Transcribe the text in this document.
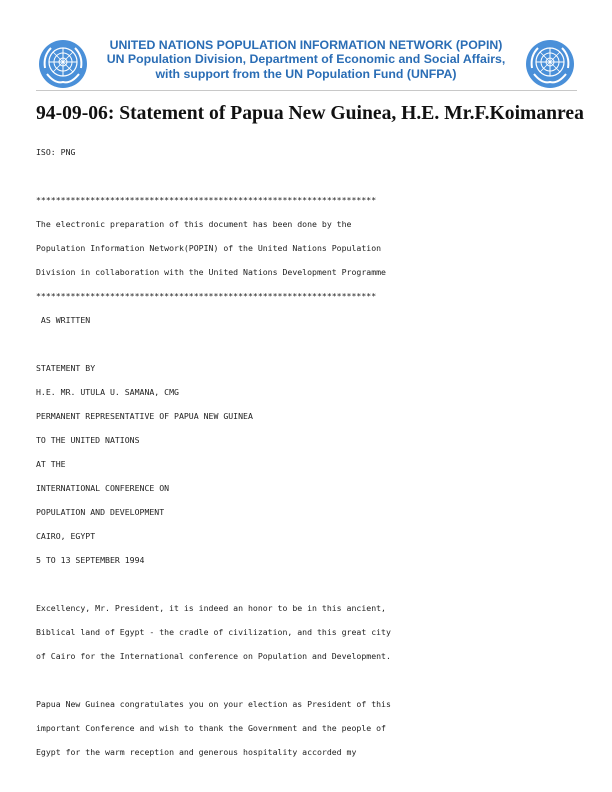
UNITED NATIONS POPULATION INFORMATION NETWORK (POPIN)
UN Population Division, Department of Economic and Social Affairs,
with support from the UN Population Fund (UNFPA)
94-09-06: Statement of Papua New Guinea, H.E. Mr.F.Koimanrea
ISO: PNG
*********************************************************************
The electronic preparation of this document has been done by the
Population Information Network(POPIN) of the United Nations Population
Division in collaboration with the United Nations Development Programme
*********************************************************************
AS WRITTEN
STATEMENT BY
H.E. MR. UTULA U. SAMANA, CMG
PERMANENT REPRESENTATIVE OF PAPUA NEW GUINEA
TO THE UNITED NATIONS
AT THE
INTERNATIONAL CONFERENCE ON
POPULATION AND DEVELOPMENT
CAIRO, EGYPT
5 TO 13 SEPTEMBER 1994
Excellency, Mr. President, it is indeed an honor to be in this ancient,
Biblical land of Egypt - the cradle of civilization, and this great city
of Cairo for the International conference on Population and Development.
Papua New Guinea congratulates you on your election as President of this
important Conference and wish to thank the Government and the people of
Egypt for the warm reception and generous hospitality accorded my
